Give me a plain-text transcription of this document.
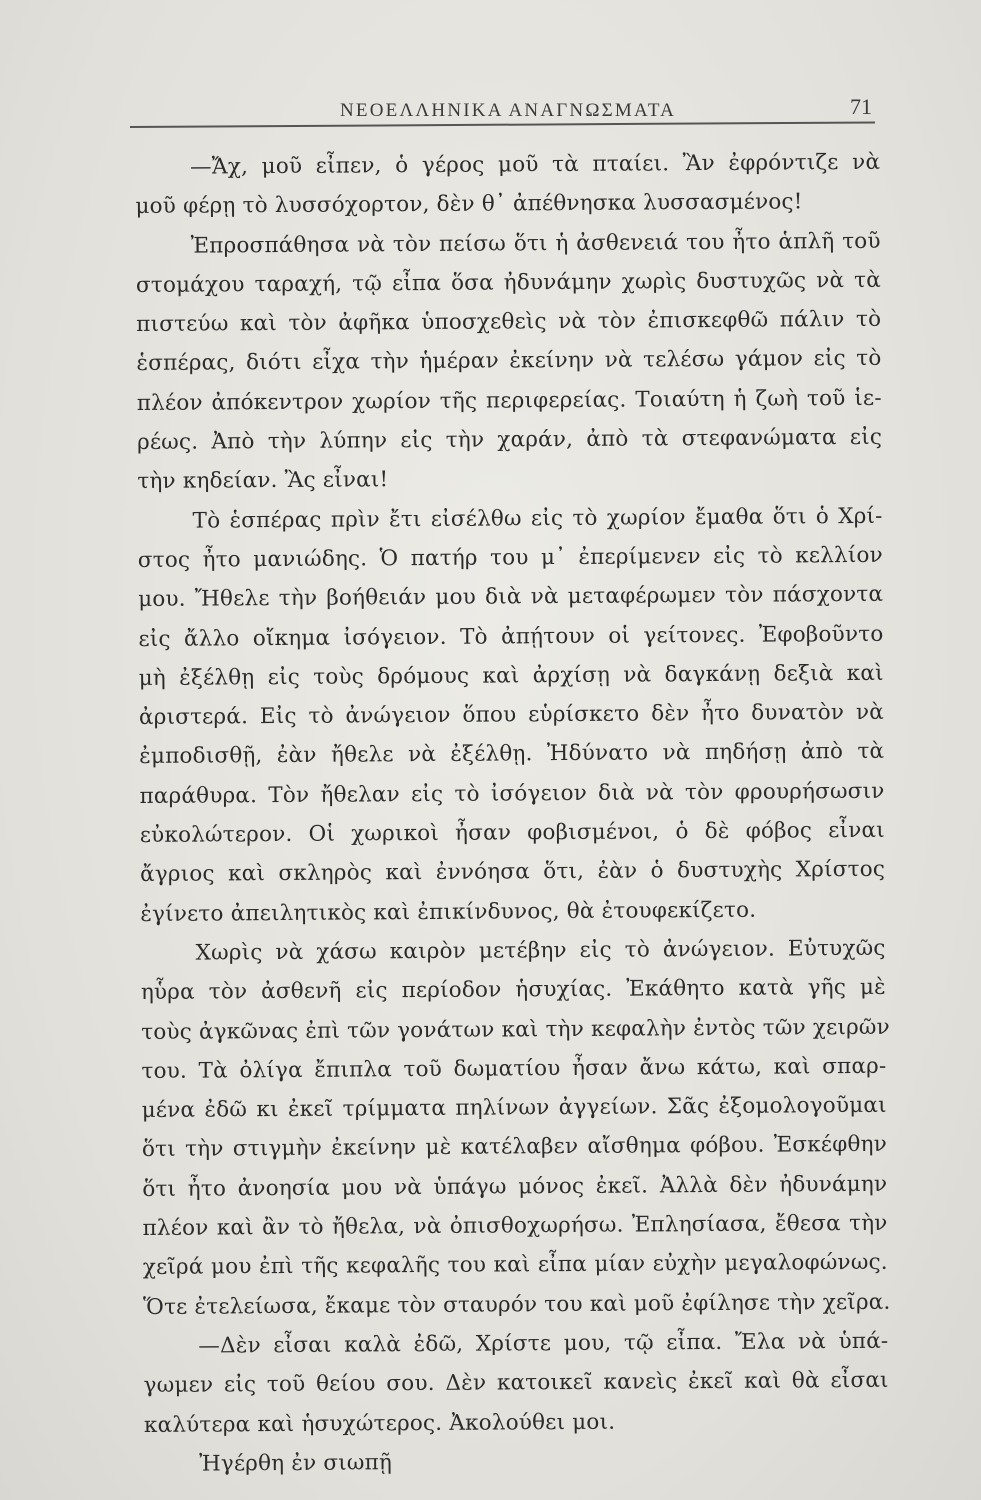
ΝΕΟΕΛΛΗΝΙΚΑ ΑΝΑΓΝΩΣΜΑΤΑ	71
—Ἄχ, μοῦ εἶπεν, ὁ γέρος μοῦ τὰ πταίει. Ἂν ἐφρόντιζε νὰ
μοῦ φέρῃ τὸ λυσσόχορτον, δὲν θ᾿ ἀπέθνησκα λυσσασμένος!
Ἐπροσπάθησα νὰ τὸν πείσω ὅτι ἡ ἀσθενειά του ἦτο ἁπλῆ τοῦ
στομάχου ταραχή, τῷ εἶπα ὅσα ἠδυνάμην χωρὶς δυστυχῶς νὰ τὰ
πιστεύω καὶ τὸν ἀφῆκα ὑποσχεθεὶς νὰ τὸν ἐπισκεφθῶ πάλιν τὸ
ἑσπέρας, διότι εἶχα τὴν ἡμέραν ἐκείνην νὰ τελέσω γάμον εἰς τὸ
πλέον ἀπόκεντρον χωρίον τῆς περιφερείας. Τοιαύτη ἡ ζωὴ τοῦ ἱε-
ρέως. Ἀπὸ τὴν λύπην εἰς τὴν χαράν, ἀπὸ τὰ στεφανώματα εἰς
τὴν κηδείαν. Ἂς εἶναι!
Τὸ ἑσπέρας πρὶν ἔτι εἰσέλθω εἰς τὸ χωρίον ἔμαθα ὅτι ὁ Χρί-
στος ἦτο μανιώδης. Ὁ πατήρ του μ᾿ ἐπερίμενεν εἰς τὸ κελλίον
μου. Ἤθελε τὴν βοήθειάν μου διὰ νὰ μεταφέρωμεν τὸν πάσχοντα
εἰς ἄλλο οἴκημα ἰσόγειον. Τὸ ἀπῄτουν οἱ γείτονες. Ἐφοβοῦντο
μὴ ἐξέλθῃ εἰς τοὺς δρόμους καὶ ἀρχίσῃ νὰ δαγκάνῃ δεξιὰ καὶ
ἀριστερά. Εἰς τὸ ἀνώγειον ὅπου εὑρίσκετο δὲν ἦτο δυνατὸν νὰ
ἐμποδισθῇ, ἐὰν ἤθελε νὰ ἐξέλθῃ. Ἠδύνατο νὰ πηδήσῃ ἀπὸ τὰ
παράθυρα. Τὸν ἤθελαν εἰς τὸ ἰσόγειον διὰ νὰ τὸν φρουρήσωσιν
εὐκολώτερον. Οἱ χωρικοὶ ἦσαν φοβισμένοι, ὁ δὲ φόβος εἶναι
ἄγριος καὶ σκληρὸς καὶ ἐννόησα ὅτι, ἐὰν ὁ δυστυχὴς Χρίστος
ἐγίνετο ἀπειλητικὸς καὶ ἐπικίνδυνος, θὰ ἐτουφεκίζετο.
Χωρὶς νὰ χάσω καιρὸν μετέβην εἰς τὸ ἀνώγειον. Εὐτυχῶς
ηὗρα τὸν ἀσθενῆ εἰς περίοδον ἡσυχίας. Ἐκάθητο κατὰ γῆς μὲ
τοὺς ἀγκῶνας ἐπὶ τῶν γονάτων καὶ τὴν κεφαλὴν ἐντὸς τῶν χειρῶν
του. Τὰ ὀλίγα ἔπιπλα τοῦ δωματίου ἦσαν ἄνω κάτω, καὶ σπαρ-
μένα ἐδῶ κι ἐκεῖ τρίμματα πηλίνων ἀγγείων. Σᾶς ἐξομολογοῦμαι
ὅτι τὴν στιγμὴν ἐκείνην μὲ κατέλαβεν αἴσθημα φόβου. Ἐσκέφθην
ὅτι ἦτο ἀνοησία μου νὰ ὑπάγω μόνος ἐκεῖ. Ἀλλὰ δὲν ἠδυνάμην
πλέον καὶ ἂν τὸ ἤθελα, νὰ ὀπισθοχωρήσω. Ἐπλησίασα, ἔθεσα τὴν
χεῖρά μου ἐπὶ τῆς κεφαλῆς του καὶ εἶπα μίαν εὐχὴν μεγαλοφώνως.
Ὅτε ἐτελείωσα, ἔκαμε τὸν σταυρόν του καὶ μοῦ ἐφίλησε τὴν χεῖρα.
—Δὲν εἶσαι καλὰ ἐδῶ, Χρίστε μου, τῷ εἶπα. Ἔλα νὰ ὑπά-
γωμεν εἰς τοῦ θείου σου. Δὲν κατοικεῖ κανεὶς ἐκεῖ καὶ θὰ εἶσαι
καλύτερα καὶ ἡσυχώτερος. Ἀκολούθει μοι.
Ἠγέρθη ἐν σιωπῇ
